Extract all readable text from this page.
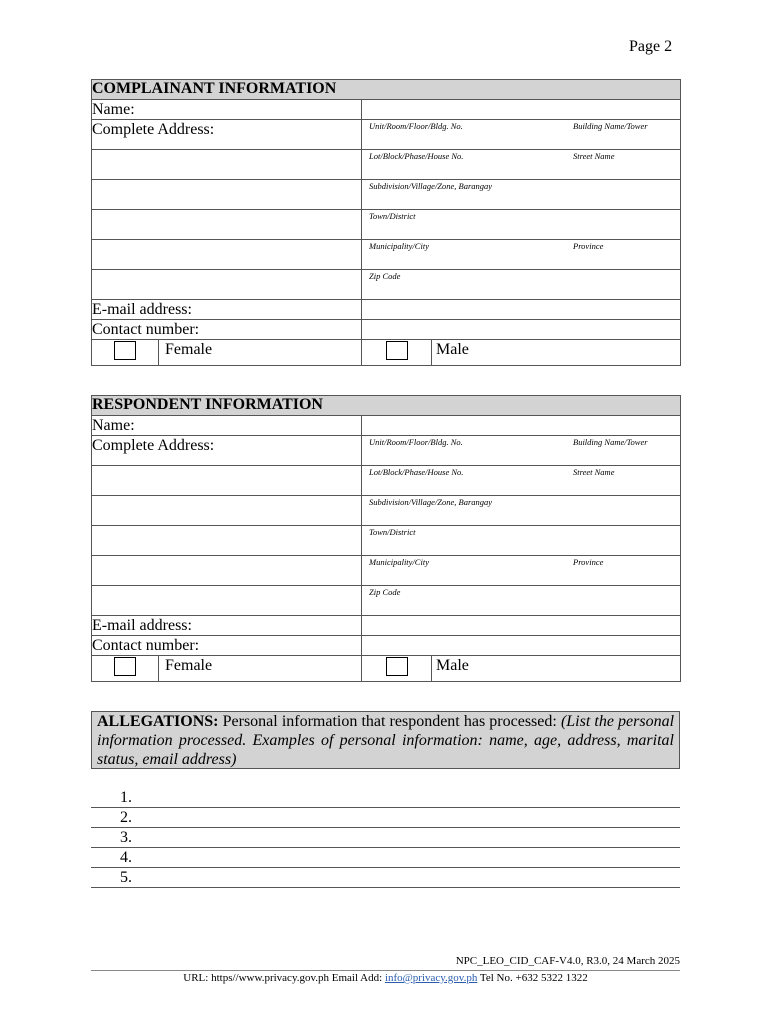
Page 2
COMPLAINANT INFORMATION			
Name:			
Complete Address:		Unit/Room/Floor/Bldg. No. Building Name/Tower	

		Lot/Block/Phase/House No. Street Name	

		Subdivision/Village/Zone, Barangay	

		Town/District	

		Municipality/City Province	

		Zip Code	

E-mail address:			
Contact number:			
	Female		Male
RESPONDENT INFORMATION			
Name:			
Complete Address:		Unit/Room/Floor/Bldg. No. Building Name/Tower	

		Lot/Block/Phase/House No. Street Name	

		Subdivision/Village/Zone, Barangay	

		Town/District	

		Municipality/City Province	

		Zip Code	

E-mail address:			
Contact number:			
	Female		Male
ALLEGATIONS: Personal information that respondent has processed: (List the personal information processed. Examples of personal information: name, age, address, marital status, email address)
1.
2.
3.
4.
5.
NPC_LEO_CID_CAF-V4.0, R3.0, 24 March 2025
URL: https//www.privacy.gov.ph Email Add: info@privacy.gov.ph Tel No. +632 5322 1322
